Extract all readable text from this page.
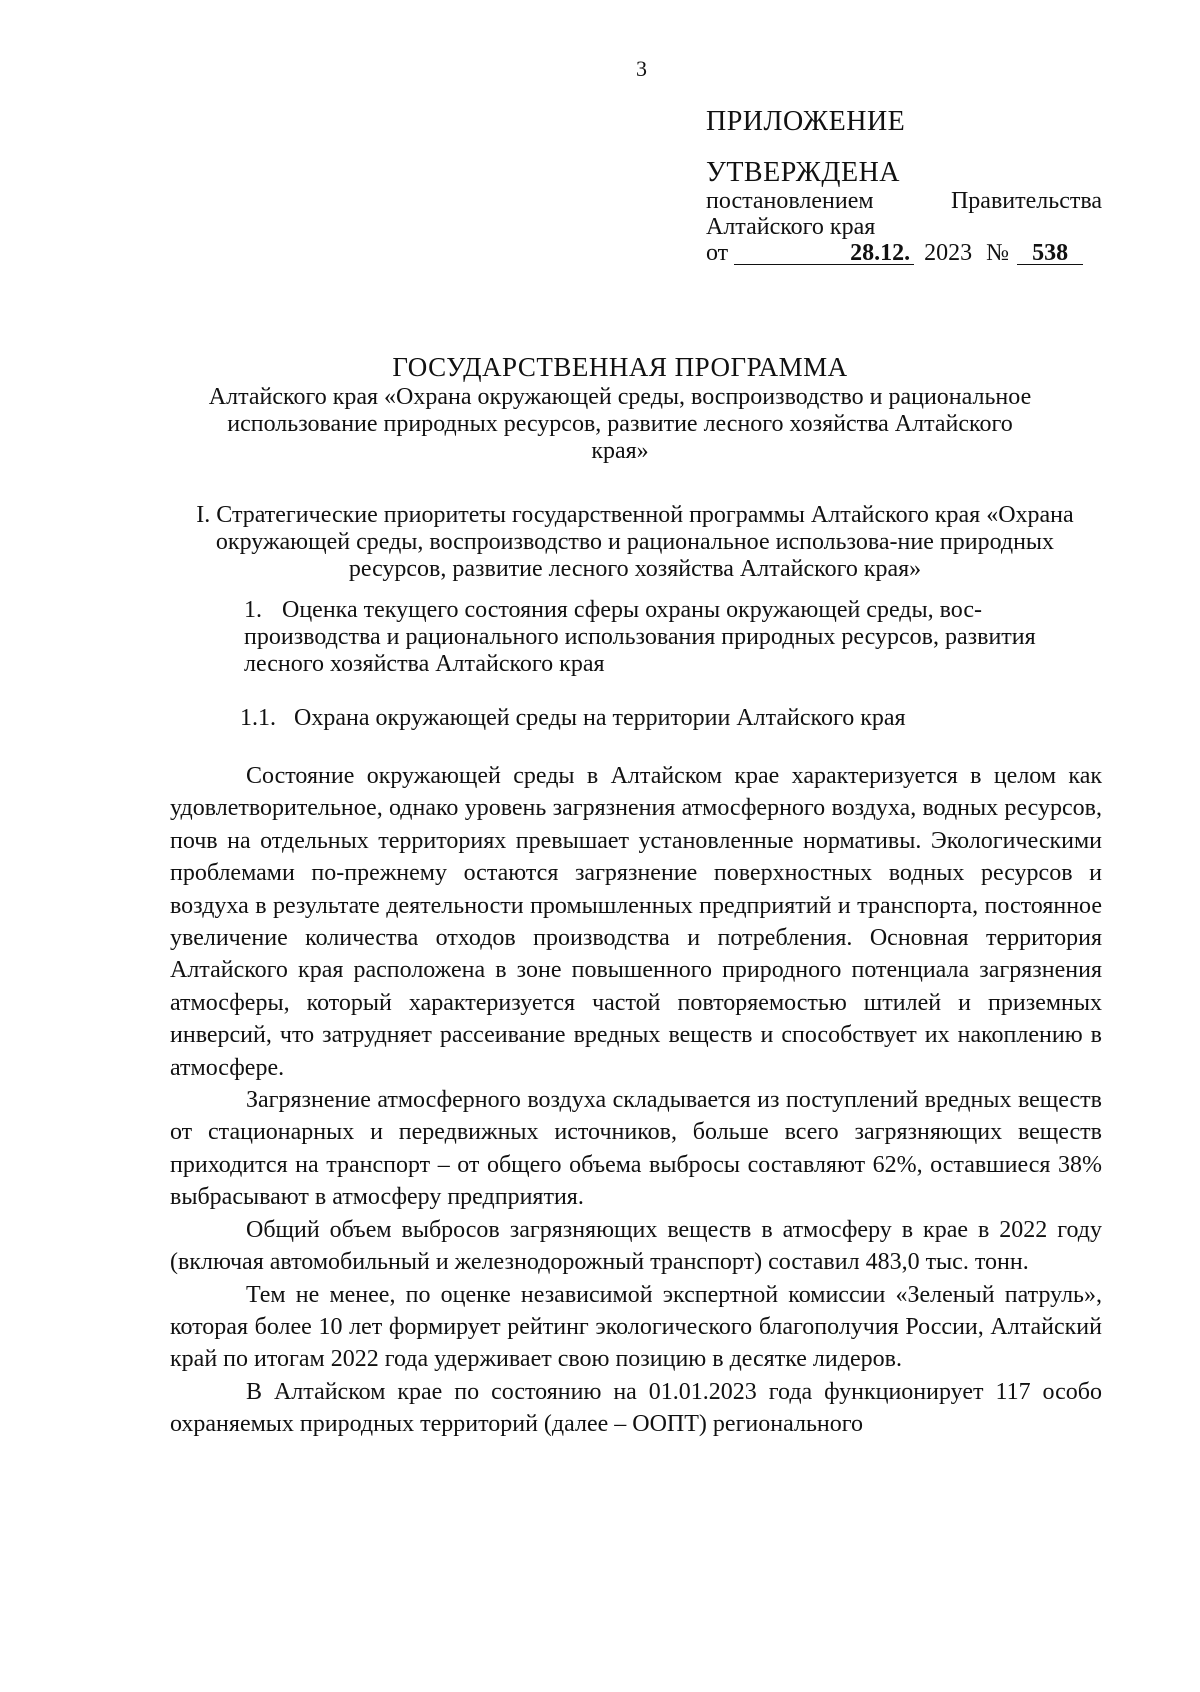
3
ПРИЛОЖЕНИЕ
УТВЕРЖДЕНА
постановлением	Правительства
Алтайского края
от	28.12. 2023 № 538
ГОСУДАРСТВЕННАЯ ПРОГРАММА
Алтайского края «Охрана окружающей среды, воспроизводство и рациональное использование природных ресурсов, развитие лесного хозяйства Алтайского края»
I. Стратегические приоритеты государственной программы Алтайского края «Охрана окружающей среды, воспроизводство и рациональное использова-ние природных ресурсов, развитие лесного хозяйства Алтайского края»
1. Оценка текущего состояния сферы охраны окружающей среды, вос-производства и рационального использования природных ресурсов, развития лесного хозяйства Алтайского края
1.1. Охрана окружающей среды на территории Алтайского края

Состояние окружающей среды в Алтайском крае характеризуется в целом как удовлетворительное, однако уровень загрязнения атмосферного воздуха, водных ресурсов, почв на отдельных территориях превышает установленные нормативы. Экологическими проблемами по-прежнему остаются загрязнение поверхностных водных ресурсов и воздуха в результате деятельности промышленных предприятий и транспорта, постоянное увеличение количества отходов производства и потребления. Основная территория Алтайского края расположена в зоне повышенного природного потенциала загрязнения атмосферы, который характеризуется частой повторяемостью штилей и приземных инверсий, что затрудняет рассеивание вредных веществ и способствует их накоплению в атмосфере.

Загрязнение атмосферного воздуха складывается из поступлений вредных веществ от стационарных и передвижных источников, больше всего загрязняющих веществ приходится на транспорт – от общего объема выбросы составляют 62%, оставшиеся 38% выбрасывают в атмосферу предприятия.

Общий объем выбросов загрязняющих веществ в атмосферу в крае в 2022 году (включая автомобильный и железнодорожный транспорт) составил 483,0 тыс. тонн.

Тем не менее, по оценке независимой экспертной комиссии «Зеленый патруль», которая более 10 лет формирует рейтинг экологического благополучия России, Алтайский край по итогам 2022 года удерживает свою позицию в десятке лидеров.

В Алтайском крае по состоянию на 01.01.2023 года функционирует 117 особо охраняемых природных территорий (далее – ООПТ) регионального
